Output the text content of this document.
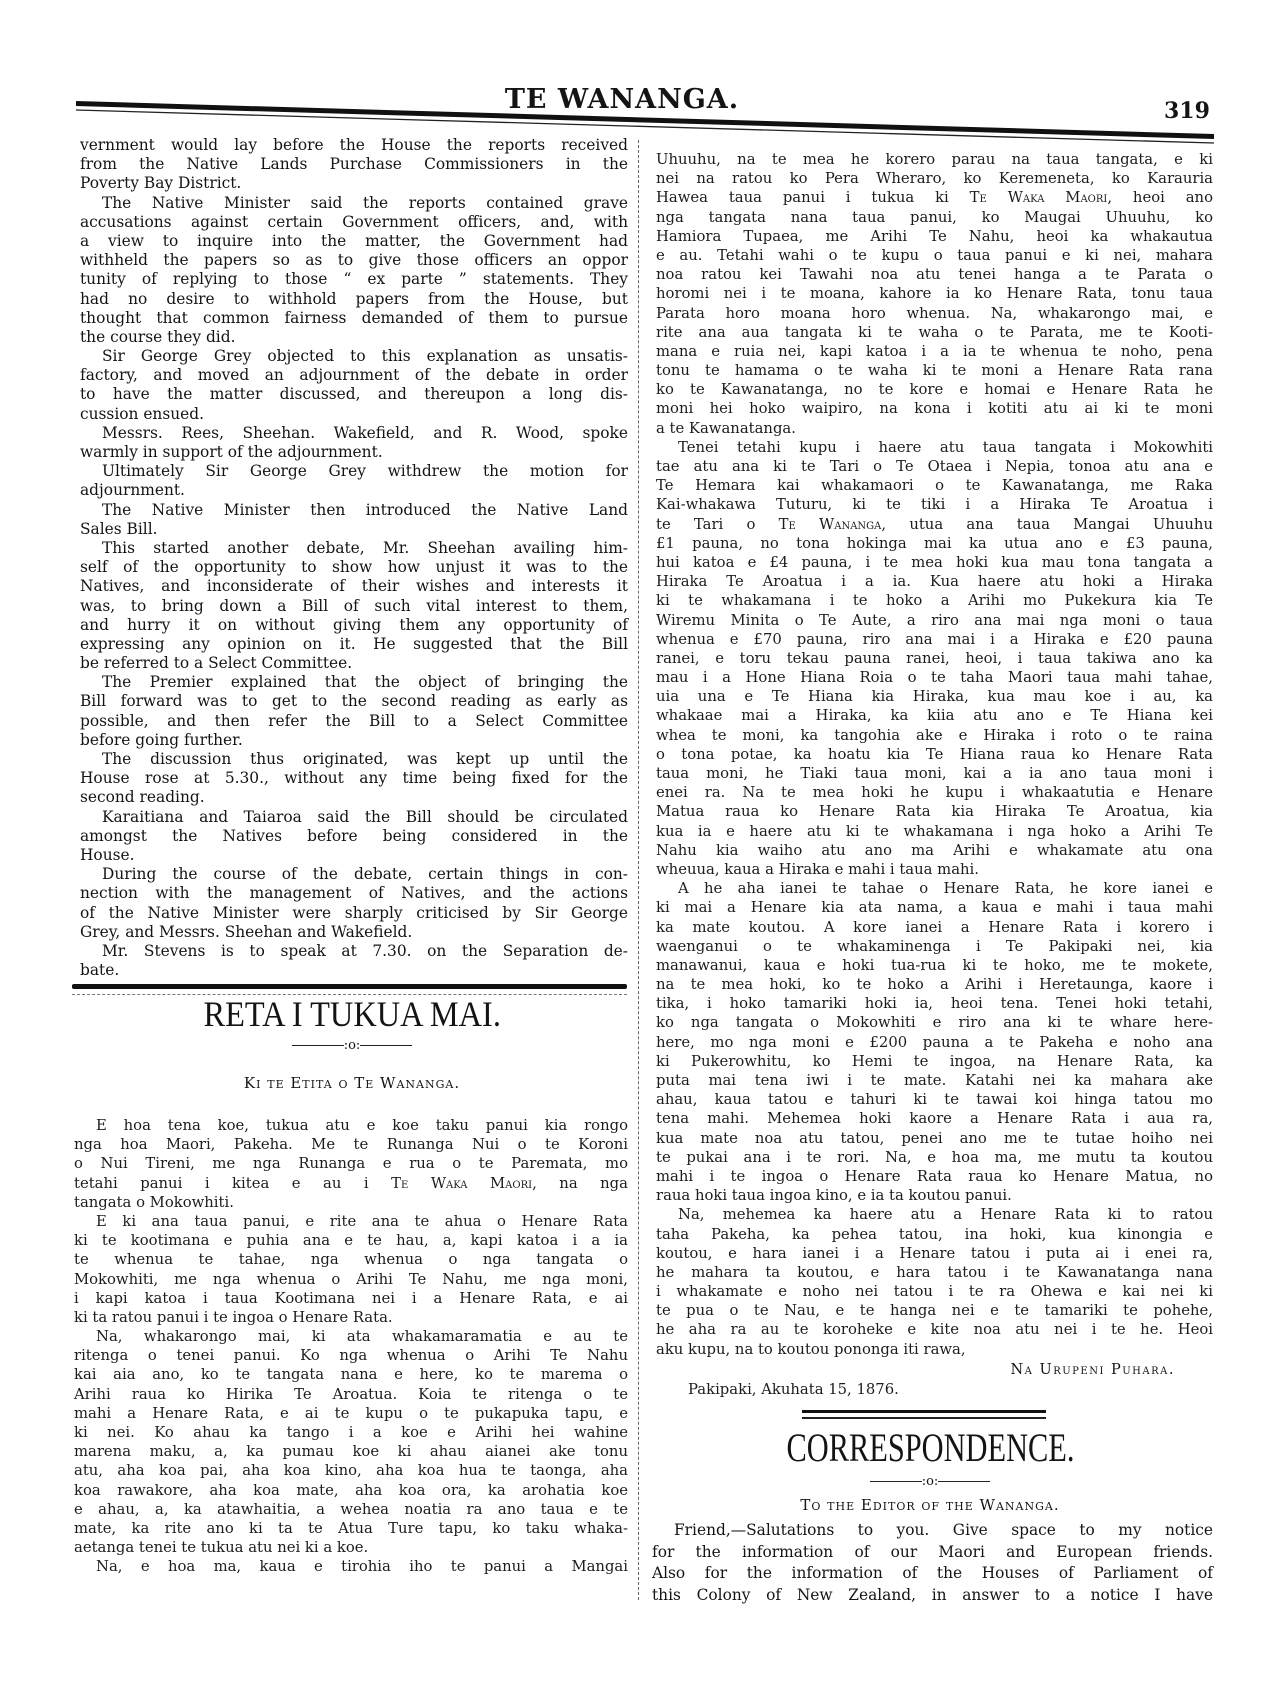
TE WANANGA.	319
vernment would lay before the House the reports received
from the Native Lands Purchase Commissioners in the
Poverty Bay District.
The Native Minister said the reports contained grave
accusations against certain Government officers, and, with
a view to inquire into the matter, the Government had
withheld the papers so as to give those officers an oppor
tunity of replying to those “ ex parte ” statements. They
had no desire to withhold papers from the House, but
thought that common fairness demanded of them to pursue
the course they did.
Sir George Grey objected to this explanation as unsatis-
factory, and moved an adjournment of the debate in order
to have the matter discussed, and thereupon a long dis-
cussion ensued.
Messrs. Rees, Sheehan. Wakefield, and R. Wood, spoke
warmly in support of the adjournment.
Ultimately Sir George Grey withdrew the motion for
adjournment.
The Native Minister then introduced the Native Land
Sales Bill.
This started another debate, Mr. Sheehan availing him-
self of the opportunity to show how unjust it was to the
Natives, and inconsiderate of their wishes and interests it
was, to bring down a Bill of such vital interest to them,
and hurry it on without giving them any opportunity of
expressing any opinion on it. He suggested that the Bill
be referred to a Select Committee.
The Premier explained that the object of bringing the
Bill forward was to get to the second reading as early as
possible, and then refer the Bill to a Select Committee
before going further.
The discussion thus originated, was kept up until the
House rose at 5.30., without any time being fixed for the
second reading.
Karaitiana and Taiaroa said the Bill should be circulated
amongst the Natives before being considered in the
House.
During the course of the debate, certain things in con-
nection with the management of Natives, and the actions
of the Native Minister were sharply criticised by Sir George
Grey, and Messrs. Sheehan and Wakefield.
Mr. Stevens is to speak at 7.30. on the Separation de-
bate.
RETA I TUKUA MAI.
:o:
Ki te Etita o Te Wananga.
E hoa tena koe, tukua atu e koe taku panui kia rongo
nga hoa Maori, Pakeha. Me te Runanga Nui o te Koroni
o Nui Tireni, me nga Runanga e rua o te Paremata, mo
tetahi panui i kitea e au i Te Waka Maori, na nga
tangata o Mokowhiti.
E ki ana taua panui, e rite ana te ahua o Henare Rata
ki te kootimana e puhia ana e te hau, a, kapi katoa i a ia
te whenua te tahae, nga whenua o nga tangata o
Mokowhiti, me nga whenua o Arihi Te Nahu, me nga moni,
i kapi katoa i taua Kootimana nei i a Henare Rata, e ai
ki ta ratou panui i te ingoa o Henare Rata.
Na, whakarongo mai, ki ata whakamaramatia e au te
ritenga o tenei panui. Ko nga whenua o Arihi Te Nahu
kai aia ano, ko te tangata nana e here, ko te marema o
Arihi raua ko Hirika Te Aroatua. Koia te ritenga o te
mahi a Henare Rata, e ai te kupu o te pukapuka tapu, e
ki nei. Ko ahau ka tango i a koe e Arihi hei wahine
marena maku, a, ka pumau koe ki ahau aianei ake tonu
atu, aha koa pai, aha koa kino, aha koa hua te taonga, aha
koa rawakore, aha koa mate, aha koa ora, ka arohatia koe
e ahau, a, ka atawhaitia, a wehea noatia ra ano taua e te
mate, ka rite ano ki ta te Atua Ture tapu, ko taku whaka-
aetanga tenei te tukua atu nei ki a koe.
Na, e hoa ma, kaua e tirohia iho te panui a Mangai
Uhuuhu, na te mea he korero parau na taua tangata, e ki
nei na ratou ko Pera Wheraro, ko Keremeneta, ko Karauria
Hawea taua panui i tukua ki Te Waka Maori, heoi ano
nga tangata nana taua panui, ko Maugai Uhuuhu, ko
Hamiora Tupaea, me Arihi Te Nahu, heoi ka whakautua
e au. Tetahi wahi o te kupu o taua panui e ki nei, mahara
noa ratou kei Tawahi noa atu tenei hanga a te Parata o
horomi nei i te moana, kahore ia ko Henare Rata, tonu taua
Parata horo moana horo whenua. Na, whakarongo mai, e
rite ana aua tangata ki te waha o te Parata, me te Kooti-
mana e ruia nei, kapi katoa i a ia te whenua te noho, pena
tonu te hamama o te waha ki te moni a Henare Rata rana
ko te Kawanatanga, no te kore e homai e Henare Rata he
moni hei hoko waipiro, na kona i kotiti atu ai ki te moni
a te Kawanatanga.
Tenei tetahi kupu i haere atu taua tangata i Mokowhiti
tae atu ana ki te Tari o Te Otaea i Nepia, tonoa atu ana e
Te Hemara kai whakamaori o te Kawanatanga, me Raka
Kai-whakawa Tuturu, ki te tiki i a Hiraka Te Aroatua i
te Tari o Te Wananga, utua ana taua Mangai Uhuuhu
£1 pauna, no tona hokinga mai ka utua ano e £3 pauna,
hui katoa e £4 pauna, i te mea hoki kua mau tona tangata a
Hiraka Te Aroatua i a ia. Kua haere atu hoki a Hiraka
ki te whakamana i te hoko a Arihi mo Pukekura kia Te
Wiremu Minita o Te Aute, a riro ana mai nga moni o taua
whenua e £70 pauna, riro ana mai i a Hiraka e £20 pauna
ranei, e toru tekau pauna ranei, heoi, i taua takiwa ano ka
mau i a Hone Hiana Roia o te taha Maori taua mahi tahae,
uia una e Te Hiana kia Hiraka, kua mau koe i au, ka
whakaae mai a Hiraka, ka kiia atu ano e Te Hiana kei
whea te moni, ka tangohia ake e Hiraka i roto o te raina
o tona potae, ka hoatu kia Te Hiana raua ko Henare Rata
taua moni, he Tiaki taua moni, kai a ia ano taua moni i
enei ra. Na te mea hoki he kupu i whakaatutia e Henare
Matua raua ko Henare Rata kia Hiraka Te Aroatua, kia
kua ia e haere atu ki te whakamana i nga hoko a Arihi Te
Nahu kia waiho atu ano ma Arihi e whakamate atu ona
wheuua, kaua a Hiraka e mahi i taua mahi.
A he aha ianei te tahae o Henare Rata, he kore ianei e
ki mai a Henare kia ata nama, a kaua e mahi i taua mahi
ka mate koutou. A kore ianei a Henare Rata i korero i
waenganui o te whakaminenga i Te Pakipaki nei, kia
manawanui, kaua e hoki tua-rua ki te hoko, me te mokete,
na te mea hoki, ko te hoko a Arihi i Heretaunga, kaore i
tika, i hoko tamariki hoki ia, heoi tena. Tenei hoki tetahi,
ko nga tangata o Mokowhiti e riro ana ki te whare here-
here, mo nga moni e £200 pauna a te Pakeha e noho ana
ki Pukerowhitu, ko Hemi te ingoa, na Henare Rata, ka
puta mai tena iwi i te mate. Katahi nei ka mahara ake
ahau, kaua tatou e tahuri ki te tawai koi hinga tatou mo
tena mahi. Mehemea hoki kaore a Henare Rata i aua ra,
kua mate noa atu tatou, penei ano me te tutae hoiho nei
te pukai ana i te rori. Na, e hoa ma, me mutu ta koutou
mahi i te ingoa o Henare Rata raua ko Henare Matua, no
raua hoki taua ingoa kino, e ia ta koutou panui.
Na, mehemea ka haere atu a Henare Rata ki to ratou
taha Pakeha, ka pehea tatou, ina hoki, kua kinongia e
koutou, e hara ianei i a Henare tatou i puta ai i enei ra,
he mahara ta koutou, e hara tatou i te Kawanatanga nana
i whakamate e noho nei tatou i te ra Ohewa e kai nei ki
te pua o te Nau, e te hanga nei e te tamariki te pohehe,
he aha ra au te koroheke e kite noa atu nei i te he. Heoi
aku kupu, na to koutou pononga iti rawa,
Na Urupeni Puhara.
Pakipaki, Akuhata 15, 1876.
CORRESPONDENCE.
:o:
To the Editor of the Wananga.
Friend,—Salutations to you. Give space to my notice
for the information of our Maori and European friends.
Also for the information of the Houses of Parliament of
this Colony of New Zealand, in answer to a notice I have
